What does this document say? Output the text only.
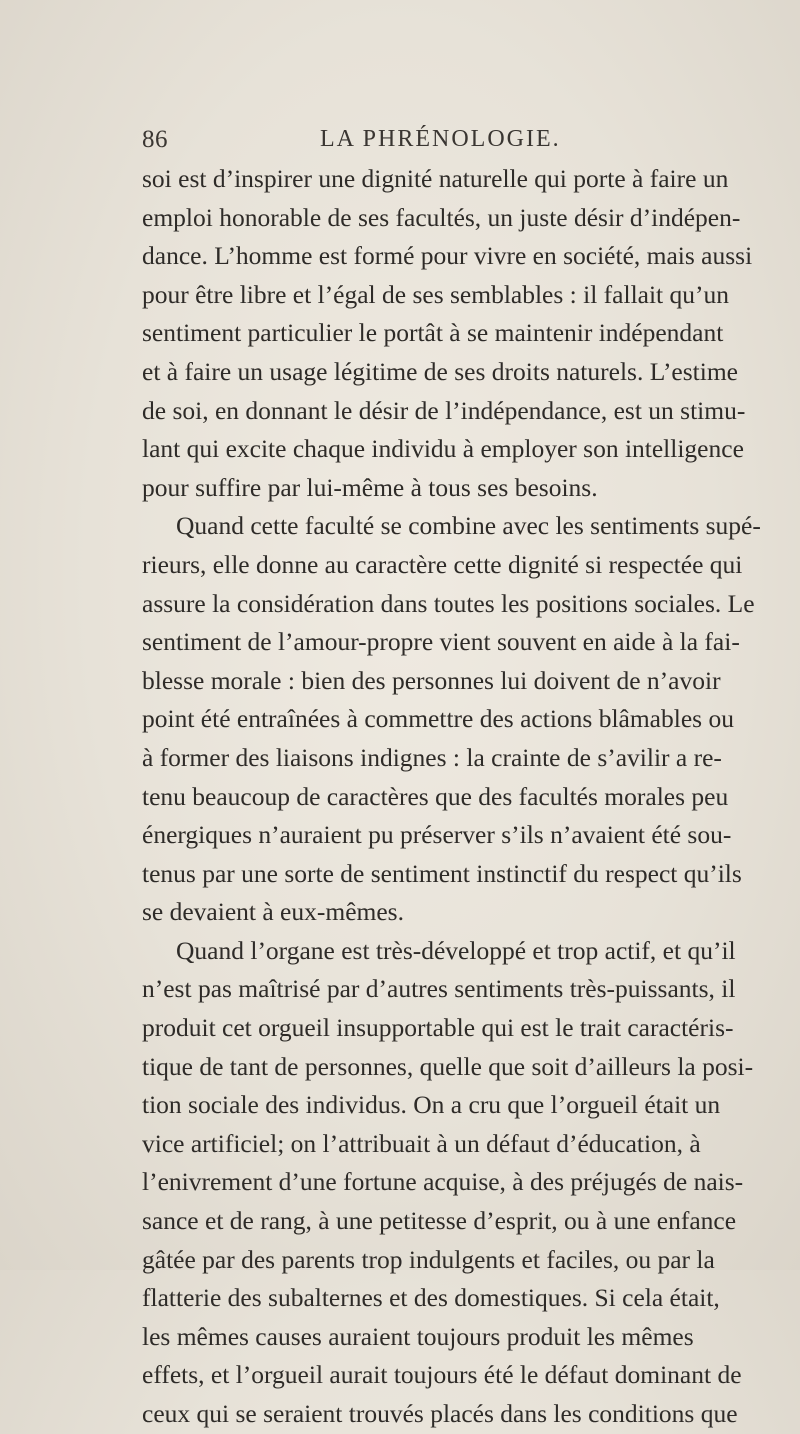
86	LA PHRÉNOLOGIE.
soi est d’inspirer une dignité naturelle qui porte à faire un
emploi honorable de ses facultés, un juste désir d’indépen-
dance. L’homme est formé pour vivre en société, mais aussi
pour être libre et l’égal de ses semblables : il fallait qu’un
sentiment particulier le portât à se maintenir indépendant
et à faire un usage légitime de ses droits naturels. L’estime
de soi, en donnant le désir de l’indépendance, est un stimu-
lant qui excite chaque individu à employer son intelligence
pour suffire par lui-même à tous ses besoins.
Quand cette faculté se combine avec les sentiments supé-
rieurs, elle donne au caractère cette dignité si respectée qui
assure la considération dans toutes les positions sociales. Le
sentiment de l’amour-propre vient souvent en aide à la fai-
blesse morale : bien des personnes lui doivent de n’avoir
point été entraînées à commettre des actions blâmables ou
à former des liaisons indignes : la crainte de s’avilir a re-
tenu beaucoup de caractères que des facultés morales peu
énergiques n’auraient pu préserver s’ils n’avaient été sou-
tenus par une sorte de sentiment instinctif du respect qu’ils
se devaient à eux-mêmes.
Quand l’organe est très-développé et trop actif, et qu’il
n’est pas maîtrisé par d’autres sentiments très-puissants, il
produit cet orgueil insupportable qui est le trait caractéris-
tique de tant de personnes, quelle que soit d’ailleurs la posi-
tion sociale des individus. On a cru que l’orgueil était un
vice artificiel; on l’attribuait à un défaut d’éducation, à
l’enivrement d’une fortune acquise, à des préjugés de nais-
sance et de rang, à une petitesse d’esprit, ou à une enfance
gâtée par des parents trop indulgents et faciles, ou par la
flatterie des subalternes et des domestiques. Si cela était,
les mêmes causes auraient toujours produit les mêmes
effets, et l’orgueil aurait toujours été le défaut dominant de
ceux qui se seraient trouvés placés dans les conditions que
